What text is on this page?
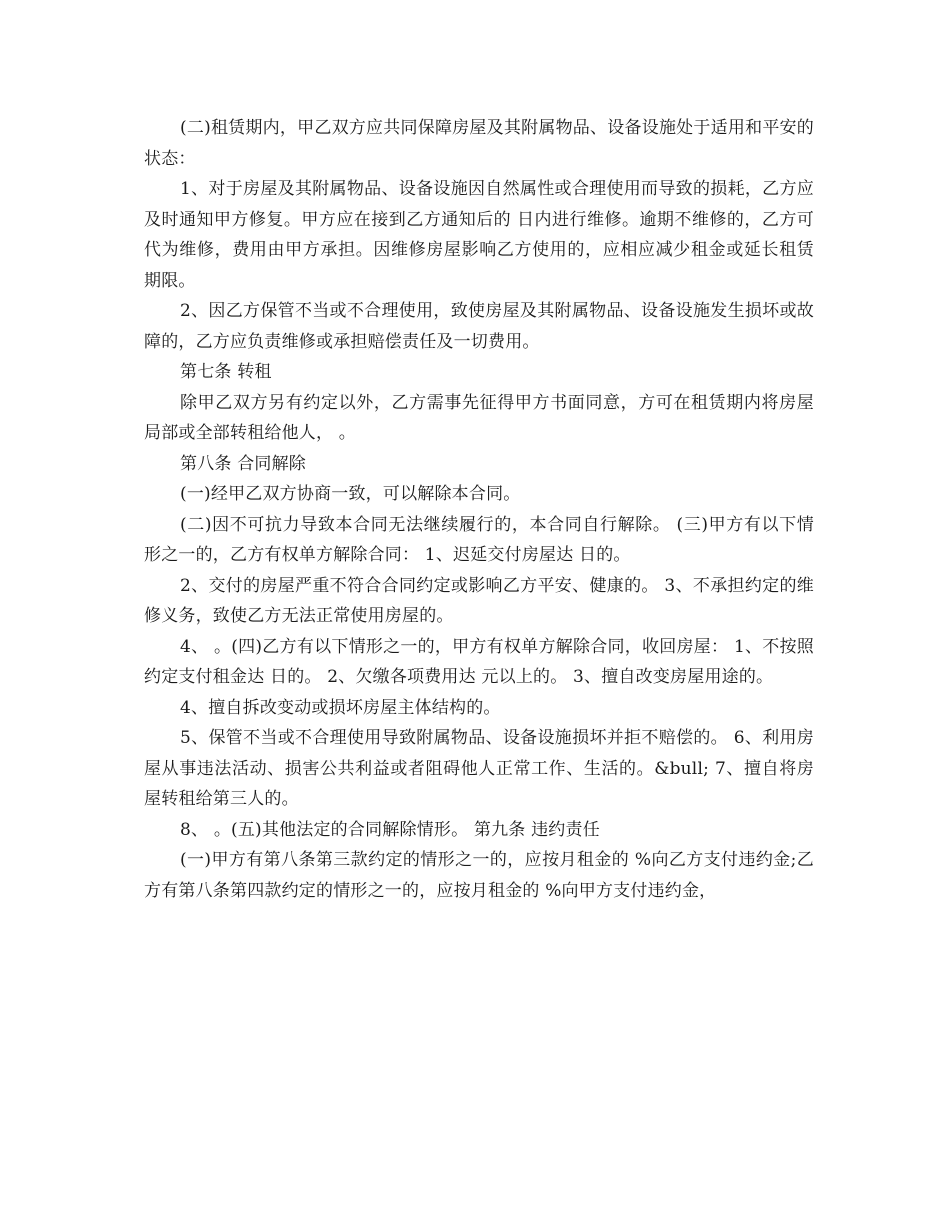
(二)租赁期内，甲乙双方应共同保障房屋及其附属物品、设备设施处于适用和平安的状态：

1、对于房屋及其附属物品、设备设施因自然属性或合理使用而导致的损耗，乙方应及时通知甲方修复。甲方应在接到乙方通知后的 日内进行维修。逾期不维修的，乙方可代为维修，费用由甲方承担。因维修房屋影响乙方使用的，应相应减少租金或延长租赁期限。

2、因乙方保管不当或不合理使用，致使房屋及其附属物品、设备设施发生损坏或故障的，乙方应负责维修或承担赔偿责任及一切费用。

第七条 转租

除甲乙双方另有约定以外，乙方需事先征得甲方书面同意，方可在租赁期内将房屋局部或全部转租给他人， 。

第八条 合同解除

(一)经甲乙双方协商一致，可以解除本合同。

(二)因不可抗力导致本合同无法继续履行的，本合同自行解除。 (三)甲方有以下情形之一的，乙方有权单方解除合同： 1、迟延交付房屋达 日的。

2、交付的房屋严重不符合合同约定或影响乙方平安、健康的。 3、不承担约定的维修义务，致使乙方无法正常使用房屋的。

4、 。(四)乙方有以下情形之一的，甲方有权单方解除合同，收回房屋： 1、不按照约定支付租金达 日的。 2、欠缴各项费用达 元以上的。 3、擅自改变房屋用途的。

4、擅自拆改变动或损坏房屋主体结构的。

5、保管不当或不合理使用导致附属物品、设备设施损坏并拒不赔偿的。 6、利用房屋从事违法活动、损害公共利益或者阻碍他人正常工作、生活的。&bull; 7、擅自将房屋转租给第三人的。

8、 。(五)其他法定的合同解除情形。 第九条 违约责任

(一)甲方有第八条第三款约定的情形之一的，应按月租金的 %向乙方支付违约金;乙方有第八条第四款约定的情形之一的，应按月租金的 %向甲方支付违约金，
